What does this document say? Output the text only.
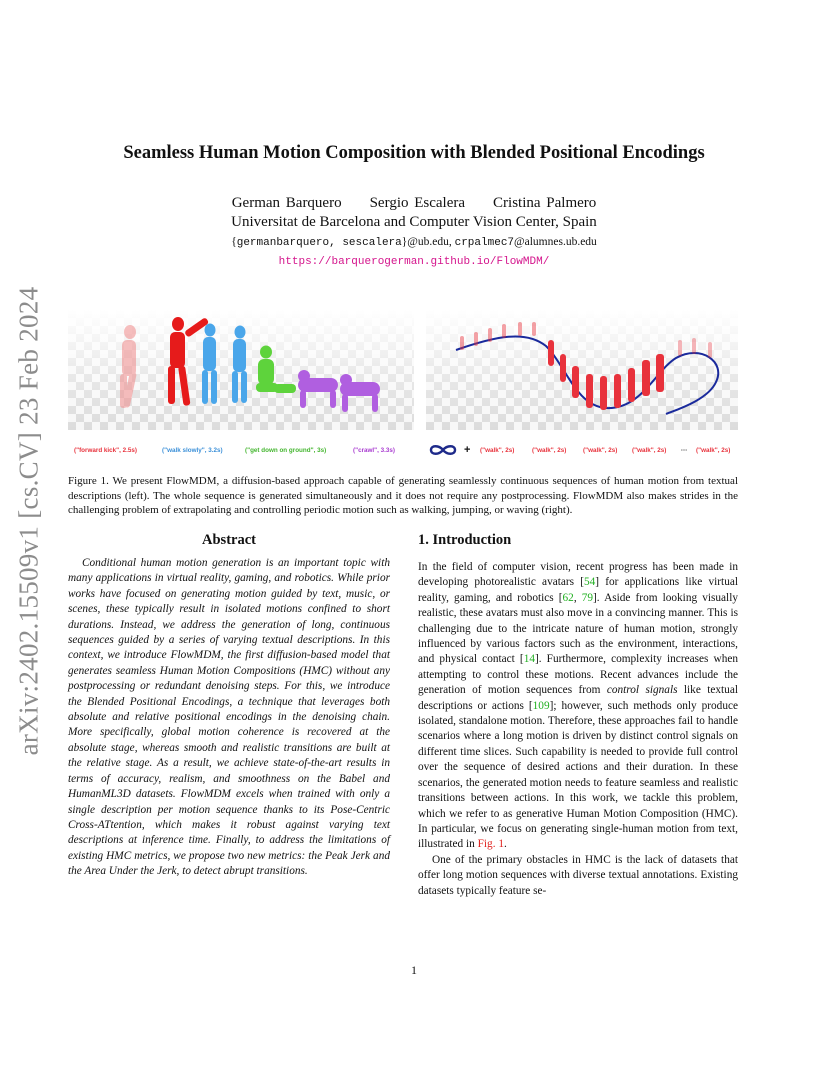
arXiv:2402.15509v1 [cs.CV] 23 Feb 2024
Seamless Human Motion Composition with Blended Positional Encodings
German Barquero Sergio Escalera Cristina Palmero
Universitat de Barcelona and Computer Vision Center, Spain
{germanbarquero, sescalera}@ub.edu, crpalmec7@alumnes.ub.edu
https://barquerogerman.github.io/FlowMDM/
("forward kick", 2.5s)	("walk slowly", 3.2s)	("get down on ground", 3s)	("crawl", 3.3s)	+ ("walk", 2s)	("walk", 2s)	("walk", 2s) ("walk", 2s) ··· ("walk", 2s)
Figure 1. We present FlowMDM, a diffusion-based approach capable of generating seamlessly continuous sequences of human motion from textual descriptions (left). The whole sequence is generated simultaneously and it does not require any postprocessing. FlowMDM also makes strides in the challenging problem of extrapolating and controlling periodic motion such as walking, jumping, or waving (right).
Abstract
Conditional human motion generation is an important topic with many applications in virtual reality, gaming, and robotics. While prior works have focused on generating motion guided by text, music, or scenes, these typically result in isolated motions confined to short durations. Instead, we address the generation of long, continuous sequences guided by a series of varying textual descriptions. In this context, we introduce FlowMDM, the first diffusion-based model that generates seamless Human Motion Compositions (HMC) without any postprocessing or redundant denoising steps. For this, we introduce the Blended Positional Encodings, a technique that leverages both absolute and relative positional encodings in the denoising chain. More specifically, global motion coherence is recovered at the absolute stage, whereas smooth and realistic transitions are built at the relative stage. As a result, we achieve state-of-the-art results in terms of accuracy, realism, and smoothness on the Babel and HumanML3D datasets. FlowMDM excels when trained with only a single description per motion sequence thanks to its Pose-Centric Cross-ATtention, which makes it robust against varying text descriptions at inference time. Finally, to address the limitations of existing HMC metrics, we propose two new metrics: the Peak Jerk and the Area Under the Jerk, to detect abrupt transitions.
1. Introduction

In the field of computer vision, recent progress has been made in developing photorealistic avatars [54] for applications like virtual reality, gaming, and robotics [62, 79]. Aside from looking visually realistic, these avatars must also move in a convincing manner. This is challenging due to the intricate nature of human motion, strongly influenced by various factors such as the environment, interactions, and physical contact [14]. Furthermore, complexity increases when attempting to control these motions. Recent advances include the generation of motion sequences from control signals like textual descriptions or actions [109]; however, such methods only produce isolated, standalone motion. Therefore, these approaches fail to handle scenarios where a long motion is driven by distinct control signals on different time slices. Such capability is needed to provide full control over the sequence of desired actions and their duration. In these scenarios, the generated motion needs to feature seamless and realistic transitions between actions. In this work, we tackle this problem, which we refer to as generative Human Motion Composition (HMC). In particular, we focus on generating single-human motion from text, illustrated in Fig. 1.

One of the primary obstacles in HMC is the lack of datasets that offer long motion sequences with diverse textual annotations. Existing datasets typically feature se-

1
